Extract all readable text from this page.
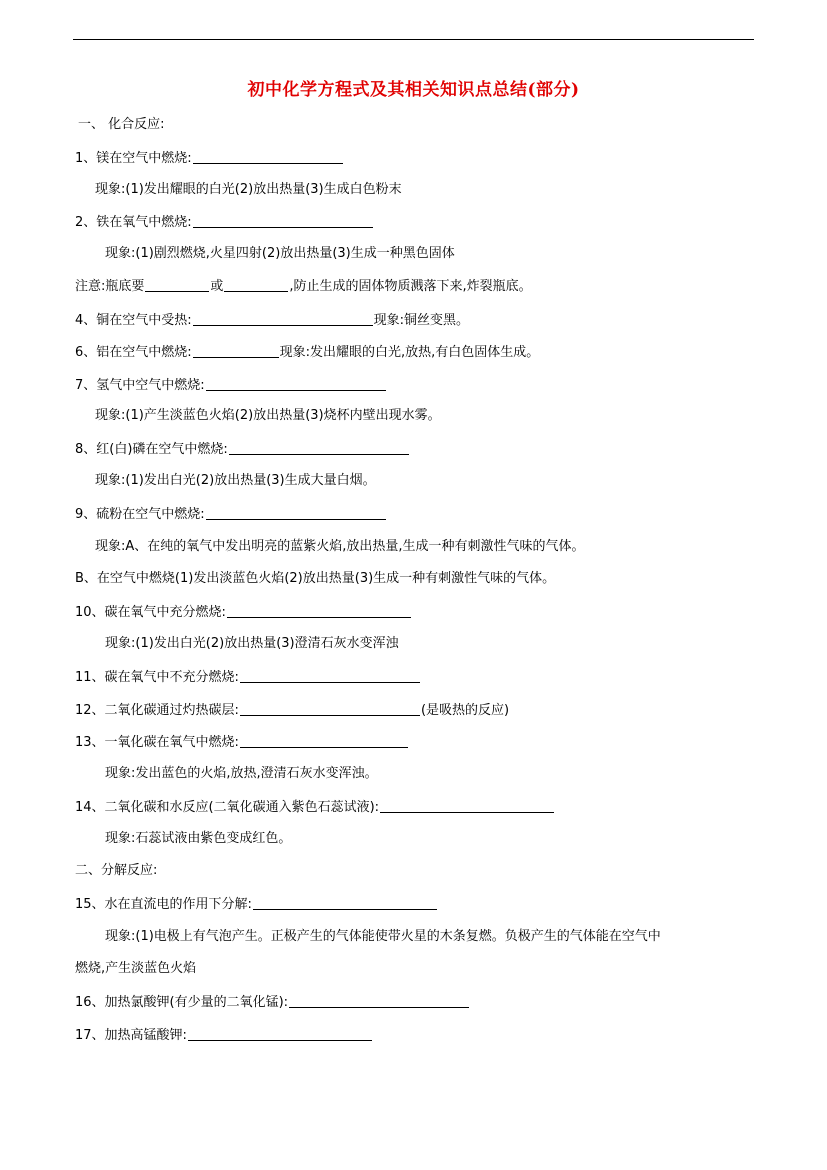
初中化学方程式及其相关知识点总结(部分)
一、 化合反应:
1、镁在空气中燃烧:
现象:(1)发出耀眼的白光(2)放出热量(3)生成白色粉末
2、铁在氧气中燃烧:
现象:(1)剧烈燃烧,火星四射(2)放出热量(3)生成一种黑色固体
注意:瓶底要	或	,防止生成的固体物质溅落下来,炸裂瓶底。
4、铜在空气中受热:	现象:铜丝变黑。
6、铝在空气中燃烧:	现象:发出耀眼的白光,放热,有白色固体生成。
7、氢气中空气中燃烧:
现象:(1)产生淡蓝色火焰(2)放出热量(3)烧杯内壁出现水雾。
8、红(白)磷在空气中燃烧:
现象:(1)发出白光(2)放出热量(3)生成大量白烟。
9、硫粉在空气中燃烧:
现象:A、在纯的氧气中发出明亮的蓝紫火焰,放出热量,生成一种有刺激性气味的气体。
B、在空气中燃烧(1)发出淡蓝色火焰(2)放出热量(3)生成一种有刺激性气味的气体。
10、碳在氧气中充分燃烧:
现象:(1)发出白光(2)放出热量(3)澄清石灰水变浑浊
11、碳在氧气中不充分燃烧:
12、二氧化碳通过灼热碳层:	(是吸热的反应)
13、一氧化碳在氧气中燃烧:
现象:发出蓝色的火焰,放热,澄清石灰水变浑浊。
14、二氧化碳和水反应(二氧化碳通入紫色石蕊试液):
现象:石蕊试液由紫色变成红色。
二、分解反应:
15、水在直流电的作用下分解:
现象:(1)电极上有气泡产生。正极产生的气体能使带火星的木条复燃。负极产生的气体能在空气中
燃烧,产生淡蓝色火焰
16、加热氯酸钾(有少量的二氧化锰):
17、加热高锰酸钾:
